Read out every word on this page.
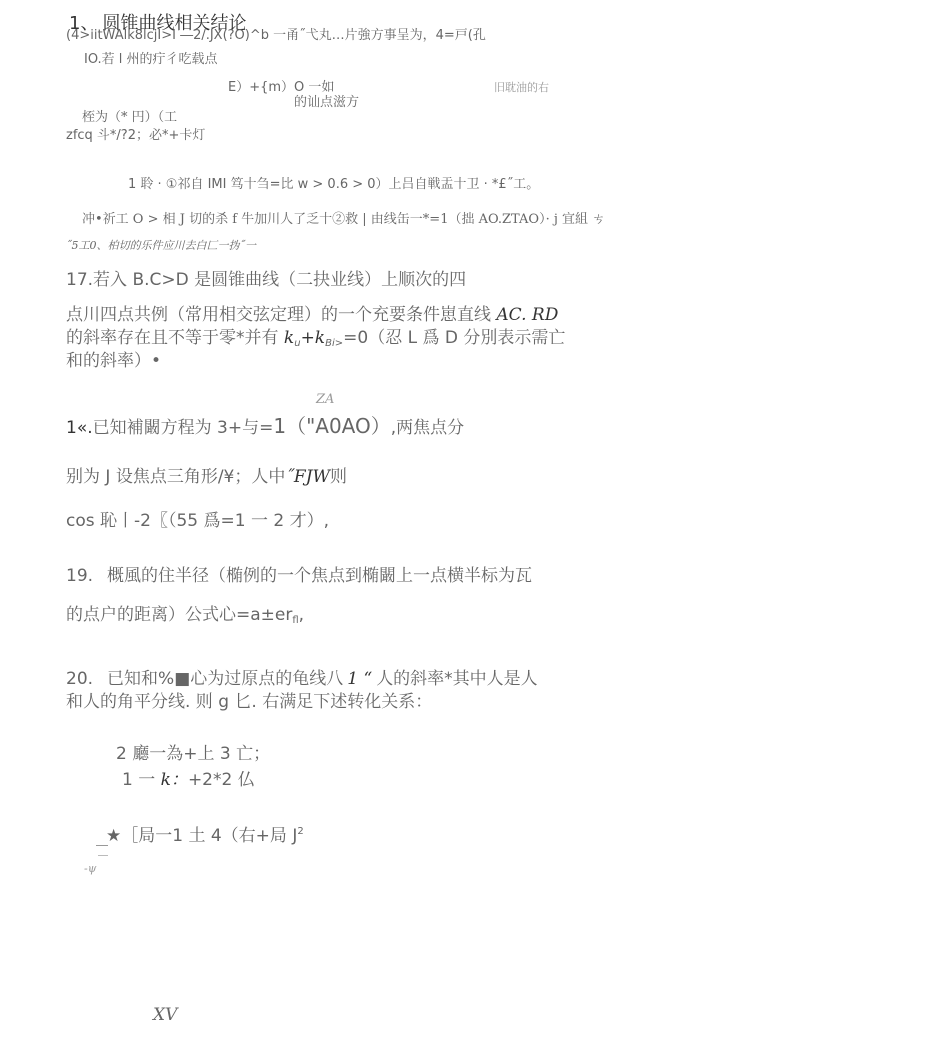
1、 圆锥曲线相关结论
(4>iitWAlk8lcjI>I ―2/.JX(?O)^b 一甬˝弋丸…片強方事呈为，4=戸(孔
IO.若 l 州的疔彳吃载点
E）+{m）O 一如	旧耽油的右
的讪点滋方
桎为（* 円）（工
zfcq 斗*/?2；必*+卡灯
1 聆 · ①祁自 IMI 笃十刍=比 w > 0.6 > 0）上吕自戦盂十卫 · *£˝工。
冲•祈工 O > 相 J 切的杀 f 牛加川人了乏十②救 | 由线缶一*=1（拙 AO.ZTAO）· j 宜組 ㄘ
˝5工0、柏切的乐件应川去白匚一㧑˝一
17.若入 B.C>D 是圆锥曲线（二抉业线）上顺次的四
点川四点共例（常用相交弦定理）的一个充要条件崽直线 AC. RD
的斜率存在且不等于零*并有 $k_u+k_{Bi>}=0$（忍 L 爲 D 分別表示需亡
和的斜率）•
ZA
1«.已知補闞方程为 3+与=1（"A0AO）,两焦点分
别为 J 设焦点三角形/¥；人中˝FJW则
cos 恥丨-2〖（55 爲=1 一 2 才）,
19. 概風的住半径（椭例的一个焦点到椭闞上一点横半标为瓦
的点户的距离）公式心$=a\pm er_{fl}$,
20. 已知和%■心为过原点的龟线八 1 “ 人的斜率*其中人是人
和人的角平分线. 则 g 匕. 右满足下述转化关系：
2 廳一為+上 3 亡；
1 一 k：+2*2 仏
★［局一1 土 4（右+局 $J^2$
-ψ
XV
